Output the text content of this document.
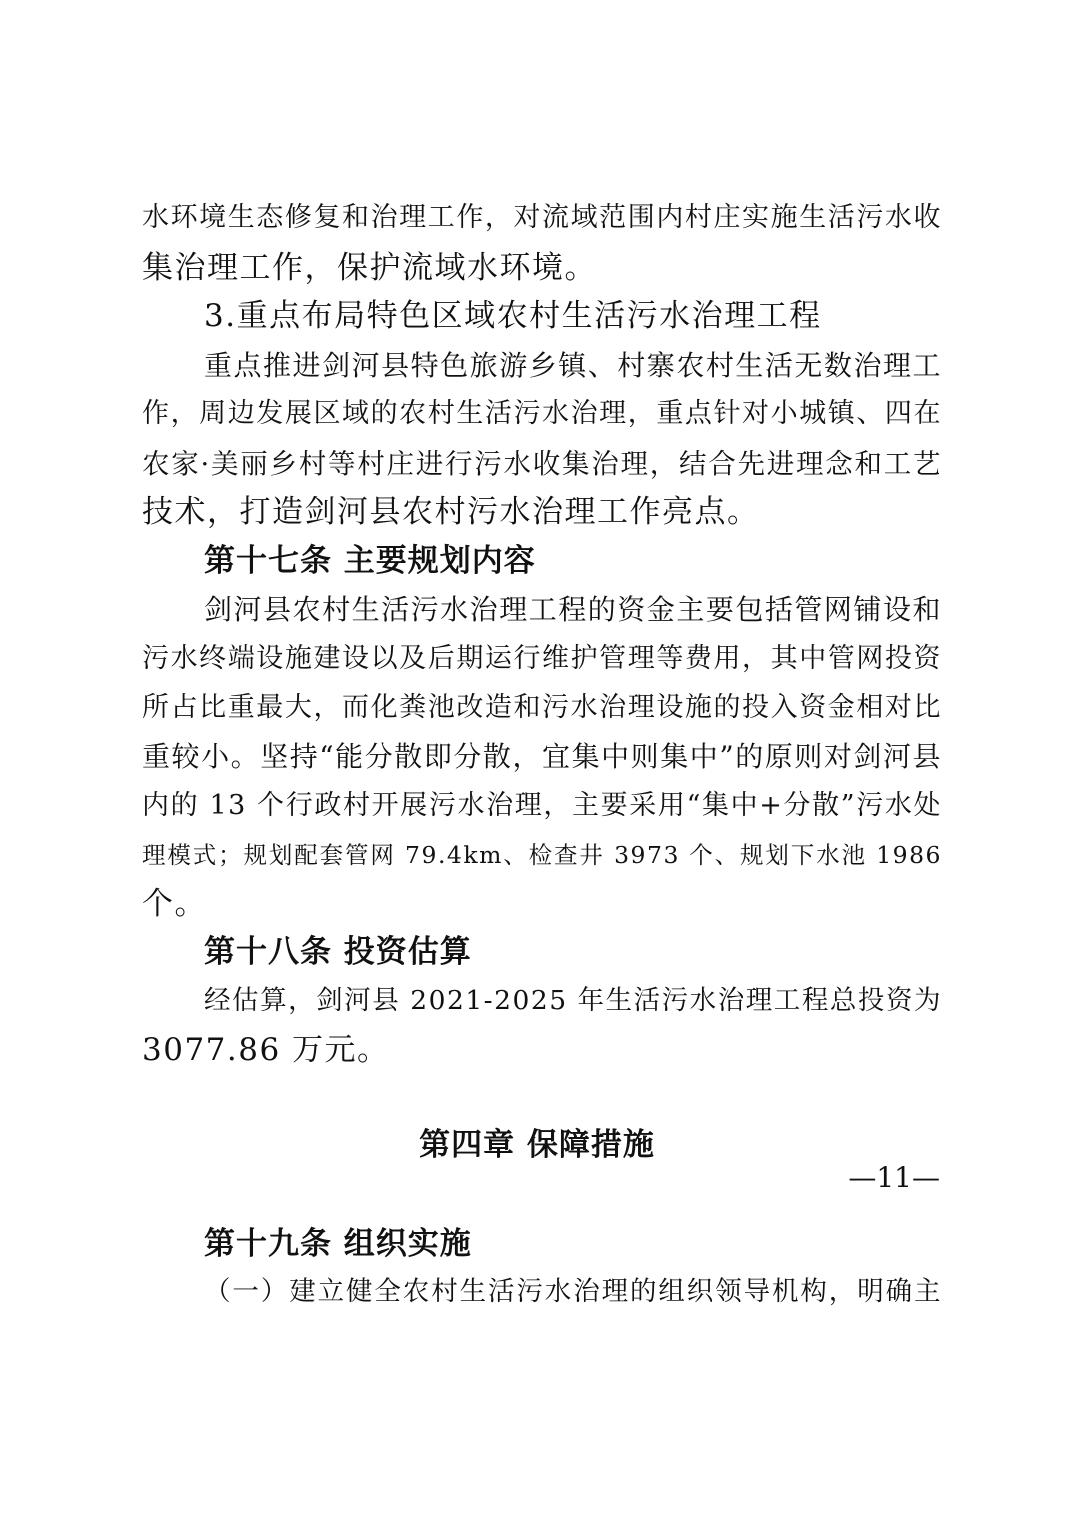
水环境生态修复和治理工作，对流域范围内村庄实施生活污水收
集治理工作，保护流域水环境。
3.重点布局特色区域农村生活污水治理工程
重点推进剑河县特色旅游乡镇、村寨农村生活无数治理工
作，周边发展区域的农村生活污水治理，重点针对小城镇、四在
农家·美丽乡村等村庄进行污水收集治理，结合先进理念和工艺
技术，打造剑河县农村污水治理工作亮点。
第十七条 主要规划内容
剑河县农村生活污水治理工程的资金主要包括管网铺设和
污水终端设施建设以及后期运行维护管理等费用，其中管网投资
所占比重最大，而化粪池改造和污水治理设施的投入资金相对比
重较小。坚持“能分散即分散，宜集中则集中”的原则对剑河县
内的 13 个行政村开展污水治理，主要采用“集中+分散”污水处
理模式；规划配套管网 79.4km、检查井 3973 个、规划下水池 1986
个。
第十八条 投资估算
经估算，剑河县 2021-2025 年生活污水治理工程总投资为
3077.86 万元。
第四章 保障措施
第十九条 组织实施
（一）建立健全农村生活污水治理的组织领导机构，明确主
—11—
